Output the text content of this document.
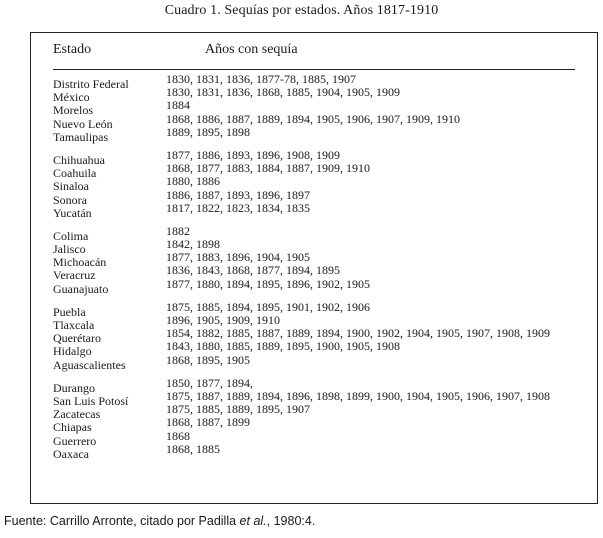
Cuadro 1. Sequías por estados. Años 1817-1910
Estado	Años con sequía
Distrito Federal	1830, 1831, 1836, 1877-78, 1885, 1907
México	1830, 1831, 1836, 1868, 1885, 1904, 1905, 1909
Morelos	1884
Nuevo León	1868, 1886, 1887, 1889, 1894, 1905, 1906, 1907, 1909, 1910
Tamaulipas	1889, 1895, 1898
Chihuahua	1877, 1886, 1893, 1896, 1908, 1909
Coahuila	1868, 1877, 1883, 1884, 1887, 1909, 1910
Sinaloa	1880, 1886
Sonora	1886, 1887, 1893, 1896, 1897
Yucatán	1817, 1822, 1823, 1834, 1835
Colima	1882
Jalisco	1842, 1898
Michoacán	1877, 1883, 1896, 1904, 1905
Veracruz	1836, 1843, 1868, 1877, 1894, 1895
Guanajuato	1877, 1880, 1894, 1895, 1896, 1902, 1905
Puebla	1875, 1885, 1894, 1895, 1901, 1902, 1906
Tlaxcala	1896, 1905, 1909, 1910
Querétaro	1854, 1882, 1885, 1887, 1889, 1894, 1900, 1902, 1904, 1905, 1907, 1908, 1909
Hidalgo	1843, 1880, 1885, 1889, 1895, 1900, 1905, 1908
Aguascalientes	1868, 1895, 1905
Durango	1850, 1877, 1894,
San Luis Potosí	1875, 1887, 1889, 1894, 1896, 1898, 1899, 1900, 1904, 1905, 1906, 1907, 1908
Zacatecas	1875, 1885, 1889, 1895, 1907
Chiapas	1868, 1887, 1899
Guerrero	1868
Oaxaca	1868, 1885
Fuente: Carrillo Arronte, citado por Padilla et al., 1980:4.
